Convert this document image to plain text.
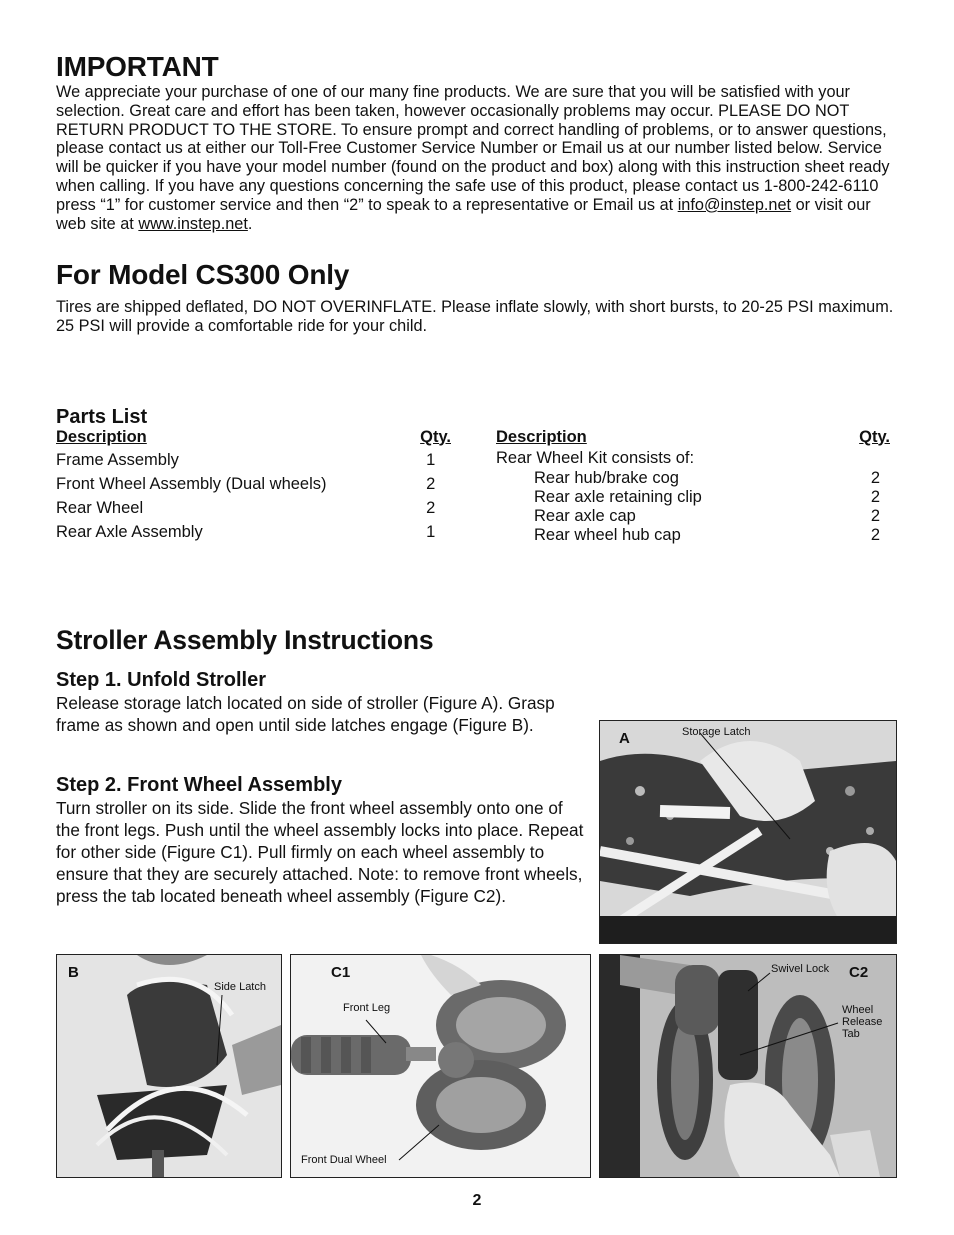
IMPORTANT
We appreciate your purchase of one of our many fine products. We are sure that you will be satisfied with your selection. Great care and effort has been taken, however occasionally problems may occur. PLEASE DO NOT RETURN PRODUCT TO THE STORE. To ensure prompt and correct handling of problems, or to answer questions, please contact us at either our Toll-Free Customer Service Number or Email us at our number listed below. Service will be quicker if you have your model number (found on the product and box) along with this instruction sheet ready when calling. If you have any questions concerning the safe use of this product, please contact us 1-800-242-6110 press “1” for customer service and then “2” to speak to a representative or Email us at info@instep.net or visit our web site at www.instep.net.
For Model CS300 Only
Tires are shipped deflated, DO NOT OVERINFLATE. Please inflate slowly, with short bursts, to 20-25 PSI maximum. 25 PSI will provide a comfortable ride for your child.
Parts List
Description	Qty.
Frame Assembly	1
Front Wheel Assembly (Dual wheels)	2
Rear Wheel	2
Rear Axle Assembly	1
Description	Qty.
Rear Wheel Kit consists of:	
Rear hub/brake cog	2
Rear axle retaining clip	2
Rear axle cap	2
Rear wheel hub cap	2
Stroller Assembly Instructions
Step 1. Unfold Stroller
Release storage latch located on side of stroller (Figure A). Grasp frame as shown and open until side latches engage (Figure B).
Step 2. Front Wheel Assembly
Turn stroller on its side. Slide the front wheel assembly onto one of the front legs. Push until the wheel assembly locks into place. Repeat for other side (Figure C1). Pull firmly on each wheel assembly to ensure that they are securely attached. Note: to remove front wheels, press the tab located beneath wheel assembly (Figure C2).
A	Storage Latch
B
Side Latch
C1
Front Leg
Front Dual Wheel
C2
Swivel Lock
Wheel Release Tab
2
